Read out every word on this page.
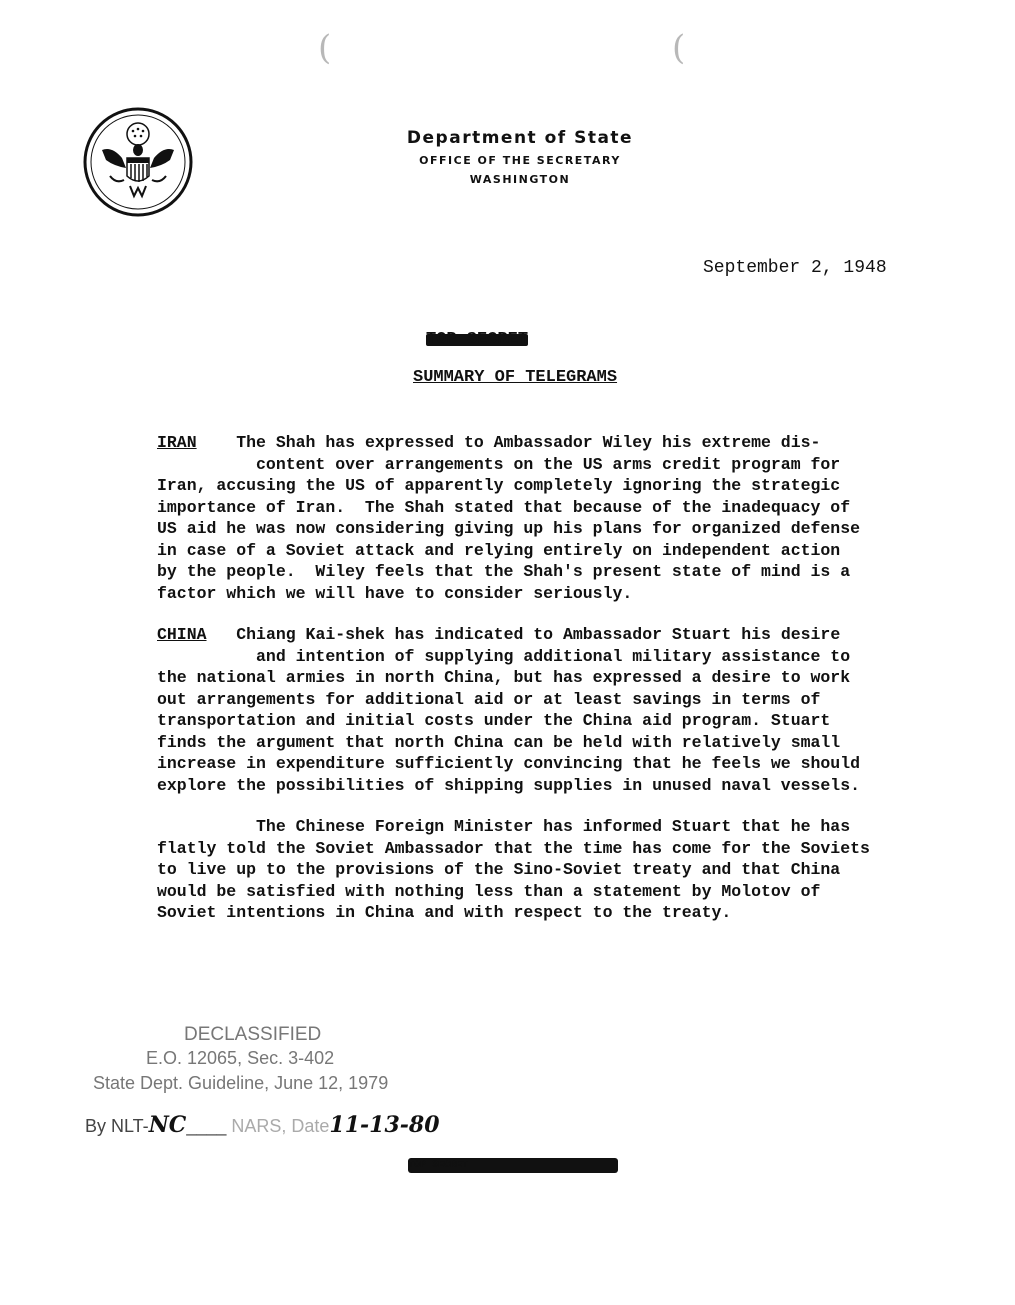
(	(

Department of State

OFFICE OF THE SECRETARY

WASHINGTON

September 2, 1948
TOP SECRET
SUMMARY OF TELEGRAMS
IRAN The Shah has expressed to Ambassador Wiley his extreme dis-
content over arrangements on the US arms credit program for
Iran, accusing the US of apparently completely ignoring the strategic
importance of Iran.  The Shah stated that because of the inadequacy of
US aid he was now considering giving up his plans for organized defense
in case of a Soviet attack and relying entirely on independent action
by the people.  Wiley feels that the Shah's present state of mind is a
factor which we will have to consider seriously.
CHINA Chiang Kai-shek has indicated to Ambassador Stuart his desire
and intention of supplying additional military assistance to
the national armies in north China, but has expressed a desire to work
out arrangements for additional aid or at least savings in terms of
transportation and initial costs under the China aid program. Stuart
finds the argument that north China can be held with relatively small
increase in expenditure sufficiently convincing that he feels we should
explore the possibilities of shipping supplies in unused naval vessels.
The Chinese Foreign Minister has informed Stuart that he has
flatly told the Soviet Ambassador that the time has come for the Soviets
to live up to the provisions of the Sino-Soviet treaty and that China
would be satisfied with nothing less than a statement by Molotov of
Soviet intentions in China and with respect to the treaty.
DECLASSIFIED
E.O. 12065, Sec. 3-402
State Dept. Guideline, June 12, 1979
By NLT-NC____ NARS, Date11-13-80
TOP SECRET
